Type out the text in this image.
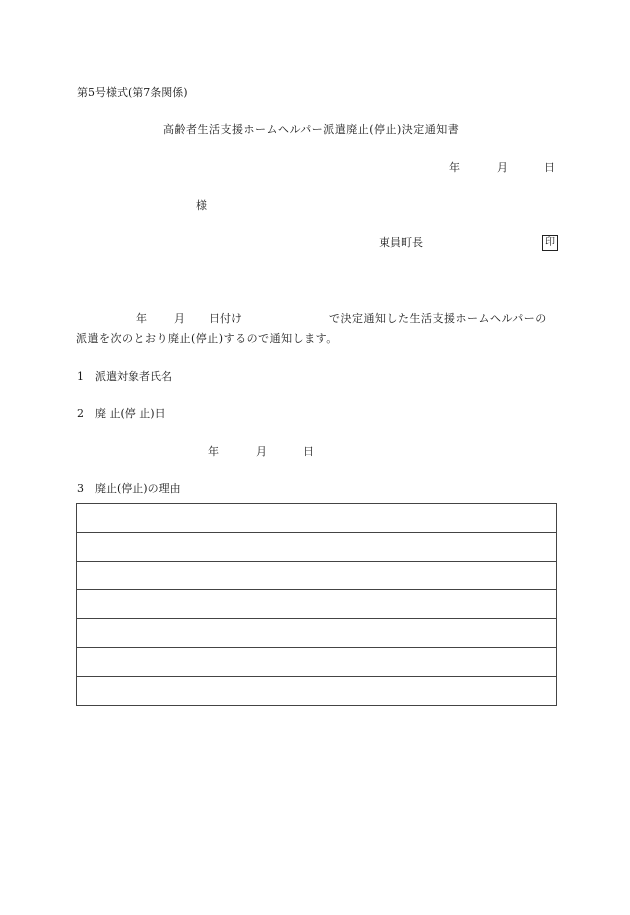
第5号様式(第7条関係)
高齢者生活支援ホームヘルパー派遣廃止(停止)決定通知書
年	月	日
様
東員町長	印
年 月 日付け	で決定通知した生活支援ホームヘルパーの
派遣を次のとおり廃止(停止)するので通知します。
1 派遣対象者氏名
2 廃 止(停 止)日
年	月	日
3 廃止(停止)の理由
